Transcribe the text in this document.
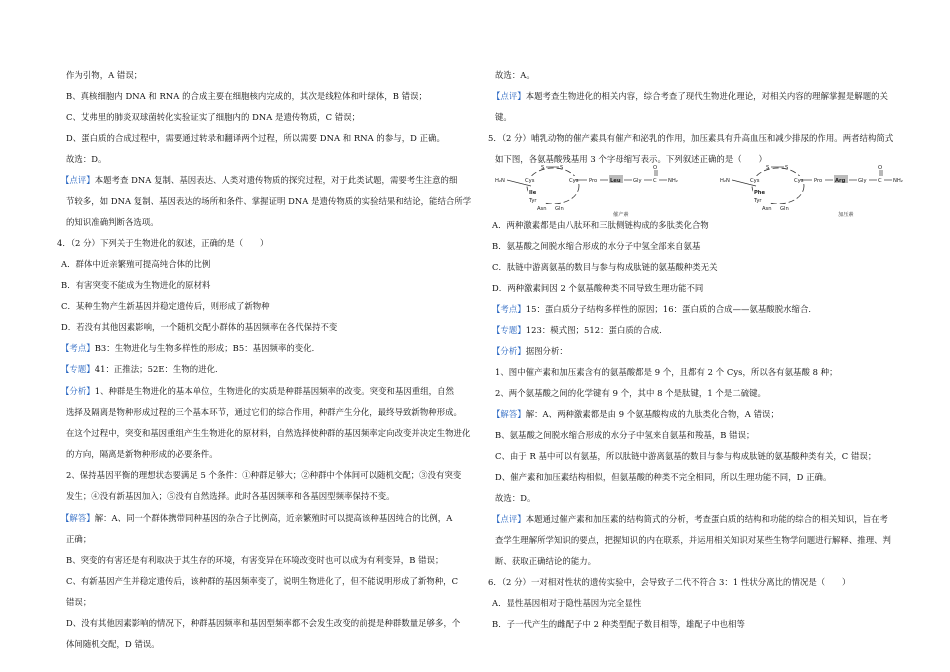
作为引物，A 错误；
B、真核细胞内 DNA 和 RNA 的合成主要在细胞核内完成的，其次是线粒体和叶绿体，B 错误；
C、艾弗里的肺炎双球菌转化实验证实了细胞内的 DNA 是遗传物质，C 错误；
D、蛋白质的合成过程中，需要通过转录和翻译两个过程，所以需要 DNA 和 RNA 的参与，D 正确。
故选：D。
【点评】本题考查 DNA 复制、基因表达、人类对遗传物质的探究过程，对于此类试题，需要考生注意的细
节较多，如 DNA 复制、基因表达的场所和条件、掌握证明 DNA 是遗传物质的实验结果和结论，能结合所学
的知识准确判断各选项。
4．（2 分）下列关于生物进化的叙述，正确的是（　　）
A．群体中近亲繁殖可提高纯合体的比例
B．有害突变不能成为生物进化的原材料
C．某种生物产生新基因并稳定遗传后，则形成了新物种
D．若没有其他因素影响，一个随机交配小群体的基因频率在各代保持不变
【考点】B3：生物进化与生物多样性的形成；B5：基因频率的变化．
【专题】41：正推法；52E：生物的进化．
【分析】1、种群是生物进化的基本单位，生物进化的实质是种群基因频率的改变。突变和基因重组，自然
选择及隔离是物种形成过程的三个基本环节，通过它们的综合作用，种群产生分化，最终导致新物种形成。
在这个过程中，突变和基因重组产生生物进化的原材料，自然选择使种群的基因频率定向改变并决定生物进化
的方向，隔离是新物种形成的必要条件。
2、保持基因平衡的理想状态要满足 5 个条件：①种群足够大；②种群中个体间可以随机交配；③没有突变
发生；④没有新基因加入；⑤没有自然选择。此时各基因频率和各基因型频率保持不变。
【解答】解：A、同一个群体携带同种基因的杂合子比例高，近亲繁殖时可以提高该种基因纯合的比例，A
正确；
B、突变的有害还是有利取决于其生存的环境，有害变异在环境改变时也可以成为有利变异，B 错误；
C、有新基因产生并稳定遗传后，该种群的基因频率变了，说明生物进化了，但不能说明形成了新物种，C
错误；
D、没有其他因素影响的情况下，种群基因频率和基因型频率都不会发生改变的前提是种群数量足够多，个
体间随机交配，D 错误。
故选：A。
【点评】本题考查生物进化的相关内容，综合考查了现代生物进化理论，对相关内容的理解掌握是解题的关
键。
5．（2 分）哺乳动物的催产素具有催产和泌乳的作用，加压素具有升高血压和减少排尿的作用。两者结构简式
如下图，各氨基酸残基用 3 个字母缩写表示。下列叙述正确的是（　　）
H₂N
S	S
Cys	Cys
Ile
Tyr
Asn Gln
Pro Leu Gly C
O
NH₂
催产素
H₂N
S	S
Cys	Cys
Phe
Tyr
Asn Gln
Pro Arg Gly C
O
NH₂
加压素
A．两种激素都是由八肽环和三肽侧链构成的多肽类化合物
B．氨基酸之间脱水缩合形成的水分子中氢全部来自氨基
C．肽链中游离氨基的数目与参与构成肽链的氨基酸种类无关
D．两种激素间因 2 个氨基酸种类不同导致生理功能不同
【考点】15：蛋白质分子结构多样性的原因；16：蛋白质的合成——氨基酸脱水缩合．
【专题】123：模式图；512：蛋白质的合成．
【分析】据图分析：
1、图中催产素和加压素含有的氨基酸都是 9 个，且都有 2 个 Cys，所以各有氨基酸 8 种；
2、两个氨基酸之间的化学键有 9 个，其中 8 个是肽键，1 个是二硫键。
【解答】解：A、两种激素都是由 9 个氨基酸构成的九肽类化合物，A 错误；
B、氨基酸之间脱水缩合形成的水分子中氢来自氨基和羧基，B 错误；
C、由于 R 基中可以有氨基，所以肽链中游离氨基的数目与参与构成肽链的氨基酸种类有关，C 错误；
D、催产素和加压素结构相似，但氨基酸的种类不完全相同，所以生理功能不同，D 正确。
故选：D。
【点评】本题通过催产素和加压素的结构简式的分析，考查蛋白质的结构和功能的综合的相关知识，旨在考
查学生理解所学知识的要点，把握知识的内在联系，并运用相关知识对某些生物学问题进行解释、推理、判
断、获取正确结论的能力。
6．（2 分）一对相对性状的遗传实验中，会导致子二代不符合 3：1 性状分离比的情况是（　　）
A．显性基因相对于隐性基因为完全显性
B．子一代产生的雌配子中 2 种类型配子数目相等，雄配子中也相等
